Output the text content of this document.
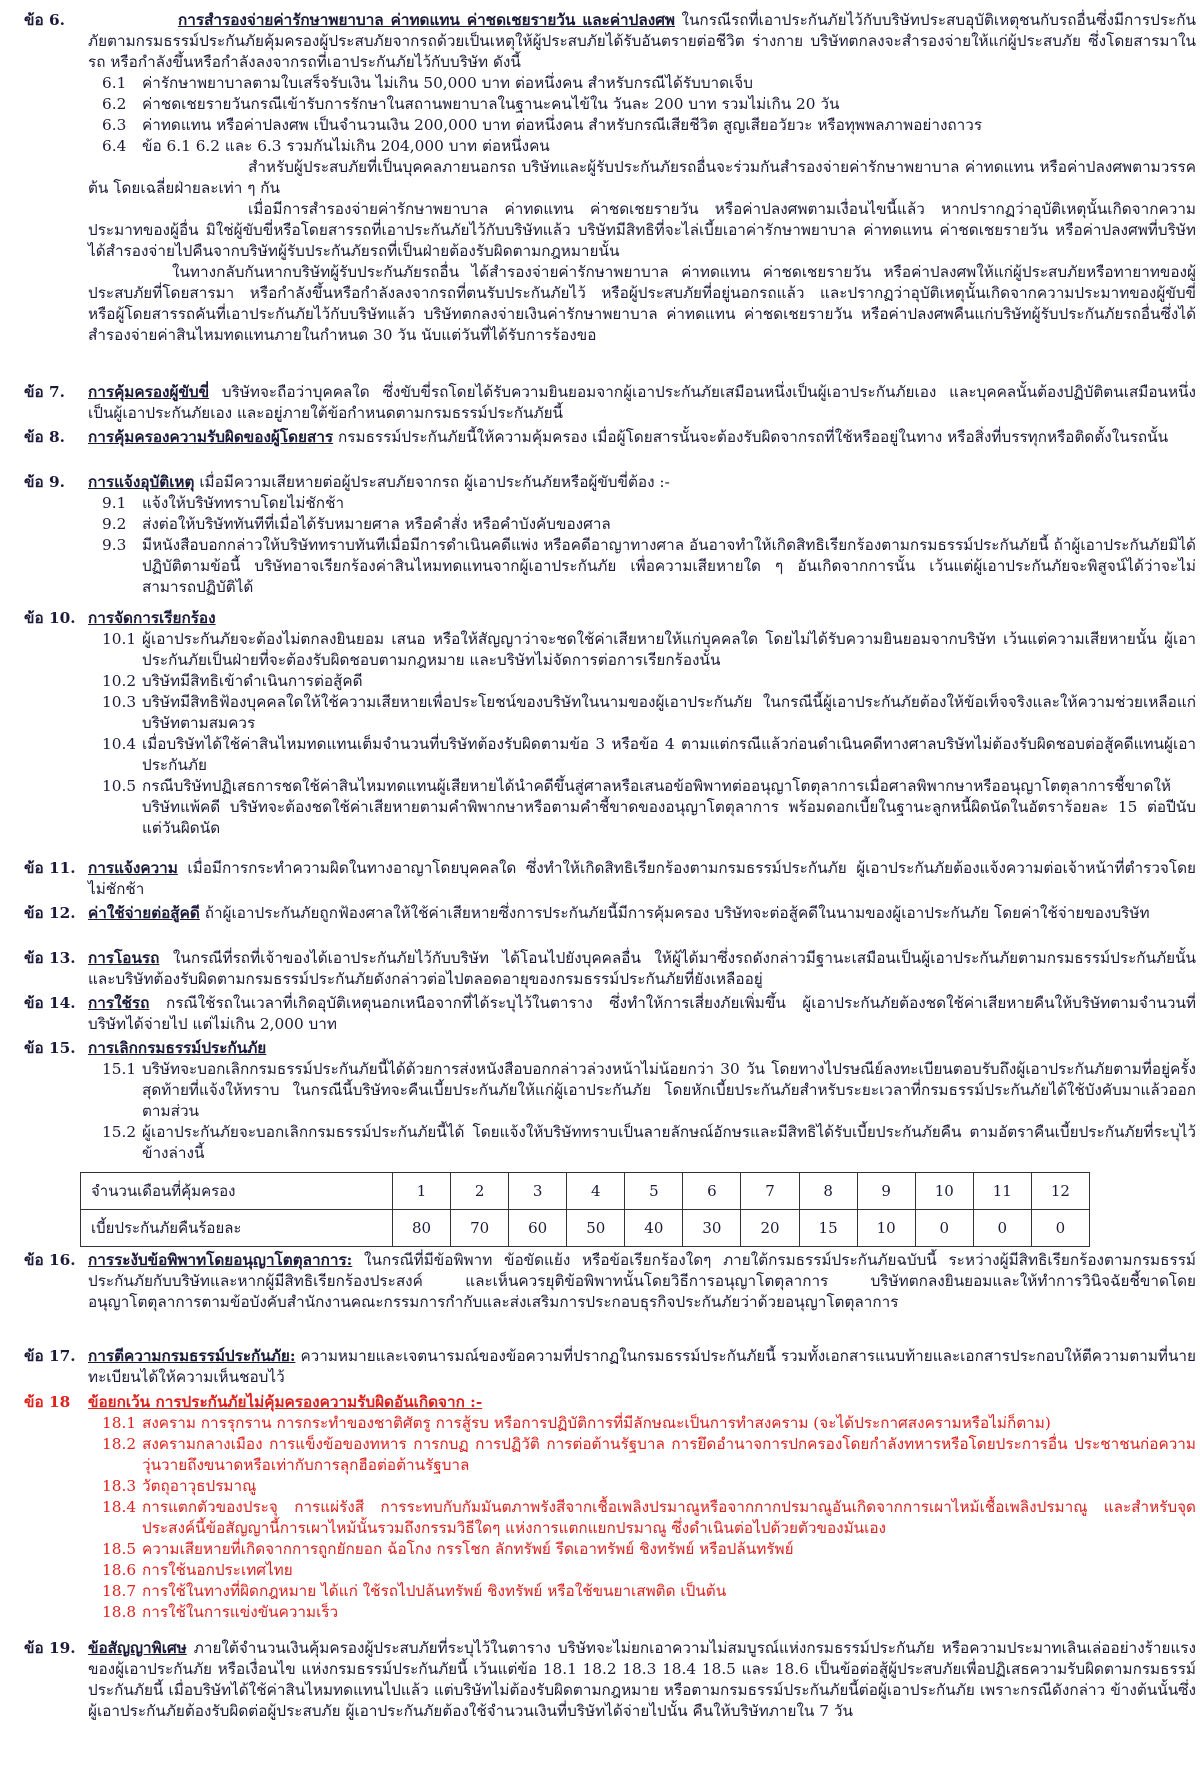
ข้อ 6.	การสำรองจ่ายค่ารักษาพยาบาล ค่าทดแทน ค่าชดเชยรายวัน และค่าปลงศพ ในกรณีรถที่เอาประกันภัยไว้กับบริษัทประสบอุบัติเหตุชนกับรถอื่นซึ่งมีการประกันภัยตามกรมธรรม์ประกันภัยคุ้มครองผู้ประสบภัยจากรถด้วยเป็นเหตุให้ผู้ประสบภัยได้รับอันตรายต่อชีวิต ร่างกาย บริษัทตกลงจะสำรองจ่ายให้แก่ผู้ประสบภัย ซึ่งโดยสารมาในรถ หรือกำลังขึ้นหรือกำลังลงจากรถที่เอาประกันภัยไว้กับบริษัท ดังนี้
6.1	ค่ารักษาพยาบาลตามใบเสร็จรับเงิน ไม่เกิน 50,000 บาท ต่อหนึ่งคน สำหรับกรณีได้รับบาดเจ็บ
6.2	ค่าชดเชยรายวันกรณีเข้ารับการรักษาในสถานพยาบาลในฐานะคนไข้ใน วันละ 200 บาท รวมไม่เกิน 20 วัน
6.3	ค่าทดแทน หรือค่าปลงศพ เป็นจำนวนเงิน 200,000 บาท ต่อหนึ่งคน สำหรับกรณีเสียชีวิต สูญเสียอวัยวะ หรือทุพพลภาพอย่างถาวร
6.4	ข้อ 6.1 6.2 และ 6.3 รวมกันไม่เกิน 204,000 บาท ต่อหนึ่งคน
สำหรับผู้ประสบภัยที่เป็นบุคคลภายนอกรถ บริษัทและผู้รับประกันภัยรถอื่นจะร่วมกันสำรองจ่ายค่ารักษาพยาบาล ค่าทดแทน หรือค่าปลงศพตามวรรคต้น โดยเฉลี่ยฝ่ายละเท่า ๆ กัน
เมื่อมีการสำรองจ่ายค่ารักษาพยาบาล ค่าทดแทน ค่าชดเชยรายวัน หรือค่าปลงศพตามเงื่อนไขนี้แล้ว หากปรากฏว่าอุบัติเหตุนั้นเกิดจากความประมาทของผู้อื่น มิใช่ผู้ขับขี่หรือโดยสารรถที่เอาประกันภัยไว้กับบริษัทแล้ว บริษัทมีสิทธิที่จะไล่เบี้ยเอาค่ารักษาพยาบาล ค่าทดแทน ค่าชดเชยรายวัน หรือค่าปลงศพที่บริษัทได้สำรองจ่ายไปคืนจากบริษัทผู้รับประกันภัยรถที่เป็นฝ่ายต้องรับผิดตามกฎหมายนั้น
ในทางกลับกันหากบริษัทผู้รับประกันภัยรถอื่น ได้สำรองจ่ายค่ารักษาพยาบาล ค่าทดแทน ค่าชดเชยรายวัน หรือค่าปลงศพให้แก่ผู้ประสบภัยหรือทายาทของผู้ประสบภัยที่โดยสารมา หรือกำลังขึ้นหรือกำลังลงจากรถที่ตนรับประกันภัยไว้ หรือผู้ประสบภัยที่อยู่นอกรถแล้ว และปรากฏว่าอุบัติเหตุนั้นเกิดจากความประมาทของผู้ขับขี่ หรือผู้โดยสารรถคันที่เอาประกันภัยไว้กับบริษัทแล้ว บริษัทตกลงจ่ายเงินค่ารักษาพยาบาล ค่าทดแทน ค่าชดเชยรายวัน หรือค่าปลงศพคืนแก่บริษัทผู้รับประกันภัยรถอื่นซึ่งได้สำรองจ่ายค่าสินไหมทดแทนภายในกำหนด 30 วัน นับแต่วันที่ได้รับการร้องขอ
ข้อ 7.	การคุ้มครองผู้ขับขี่ บริษัทจะถือว่าบุคคลใด ซึ่งขับขี่รถโดยได้รับความยินยอมจากผู้เอาประกันภัยเสมือนหนึ่งเป็นผู้เอาประกันภัยเอง และบุคคลนั้นต้องปฏิบัติตนเสมือนหนึ่งเป็นผู้เอาประกันภัยเอง และอยู่ภายใต้ข้อกำหนดตามกรมธรรม์ประกันภัยนี้
ข้อ 8.	การคุ้มครองความรับผิดของผู้โดยสาร กรมธรรม์ประกันภัยนี้ให้ความคุ้มครอง เมื่อผู้โดยสารนั้นจะต้องรับผิดจากรถที่ใช้หรืออยู่ในทาง หรือสิ่งที่บรรทุกหรือติดตั้งในรถนั้น
ข้อ 9.	การแจ้งอุบัติเหตุ เมื่อมีความเสียหายต่อผู้ประสบภัยจากรถ ผู้เอาประกันภัยหรือผู้ขับขี่ต้อง :-
9.1	แจ้งให้บริษัททราบโดยไม่ชักช้า
9.2	ส่งต่อให้บริษัททันทีที่เมื่อได้รับหมายศาล หรือคำสั่ง หรือคำบังคับของศาล
9.3	มีหนังสือบอกกล่าวให้บริษัททราบทันทีเมื่อมีการดำเนินคดีแพ่ง หรือคดีอาญาทางศาล อันอาจทำให้เกิดสิทธิเรียกร้องตามกรมธรรม์ประกันภัยนี้ ถ้าผู้เอาประกันภัยมิได้ปฏิบัติตามข้อนี้ บริษัทอาจเรียกร้องค่าสินไหมทดแทนจากผู้เอาประกันภัย เพื่อความเสียหายใด ๆ อันเกิดจากการนั้น เว้นแต่ผู้เอาประกันภัยจะพิสูจน์ได้ว่าจะไม่สามารถปฏิบัติได้
ข้อ 10. การจัดการเรียกร้อง
10.1 ผู้เอาประกันภัยจะต้องไม่ตกลงยินยอม เสนอ หรือให้สัญญาว่าจะชดใช้ค่าเสียหายให้แก่บุคคลใด โดยไม่ได้รับความยินยอมจากบริษัท เว้นแต่ความเสียหายนั้น ผู้เอาประกันภัยเป็นฝ่ายที่จะต้องรับผิดชอบตามกฎหมาย และบริษัทไม่จัดการต่อการเรียกร้องนั้น
10.2 บริษัทมีสิทธิเข้าดำเนินการต่อสู้คดี
10.3 บริษัทมีสิทธิฟ้องบุคคลใดให้ใช้ความเสียหายเพื่อประโยชน์ของบริษัทในนามของผู้เอาประกันภัย ในกรณีนี้ผู้เอาประกันภัยต้องให้ข้อเท็จจริงและให้ความช่วยเหลือแก่บริษัทตามสมควร
10.4 เมื่อบริษัทได้ใช้ค่าสินไหมทดแทนเต็มจำนวนที่บริษัทต้องรับผิดตามข้อ 3 หรือข้อ 4 ตามแต่กรณีแล้วก่อนดำเนินคดีทางศาลบริษัทไม่ต้องรับผิดชอบต่อสู้คดีแทนผู้เอาประกันภัย
10.5 กรณีบริษัทปฏิเสธการชดใช้ค่าสินไหมทดแทนผู้เสียหายได้นำคดีขึ้นสู่ศาลหรือเสนอข้อพิพาทต่ออนุญาโตตุลาการเมื่อศาลพิพากษาหรืออนุญาโตตุลาการชี้ขาดให้บริษัทแพ้คดี บริษัทจะต้องชดใช้ค่าเสียหายตามคำพิพากษาหรือตามคำชี้ขาดของอนุญาโตตุลาการ พร้อมดอกเบี้ยในฐานะลูกหนี้ผิดนัดในอัตราร้อยละ 15 ต่อปีนับแต่วันผิดนัด
ข้อ 11. การแจ้งความ เมื่อมีการกระทำความผิดในทางอาญาโดยบุคคลใด ซึ่งทำให้เกิดสิทธิเรียกร้องตามกรมธรรม์ประกันภัย ผู้เอาประกันภัยต้องแจ้งความต่อเจ้าหน้าที่ตำรวจโดยไม่ชักช้า
ข้อ 12. ค่าใช้จ่ายต่อสู้คดี ถ้าผู้เอาประกันภัยถูกฟ้องศาลให้ใช้ค่าเสียหายซึ่งการประกันภัยนี้มีการคุ้มครอง บริษัทจะต่อสู้คดีในนามของผู้เอาประกันภัย โดยค่าใช้จ่ายของบริษัท
ข้อ 13. การโอนรถ ในกรณีที่รถที่เจ้าของได้เอาประกันภัยไว้กับบริษัท ได้โอนไปยังบุคคลอื่น ให้ผู้ได้มาซึ่งรถดังกล่าวมีฐานะเสมือนเป็นผู้เอาประกันภัยตามกรมธรรม์ประกันภัยนั้น และบริษัทต้องรับผิดตามกรมธรรม์ประกันภัยดังกล่าวต่อไปตลอดอายุของกรมธรรม์ประกันภัยที่ยังเหลืออยู่
ข้อ 14. การใช้รถ กรณีใช้รถในเวลาที่เกิดอุบัติเหตุนอกเหนือจากที่ได้ระบุไว้ในตาราง ซึ่งทำให้การเสี่ยงภัยเพิ่มขึ้น ผู้เอาประกันภัยต้องชดใช้ค่าเสียหายคืนให้บริษัทตามจำนวนที่บริษัทได้จ่ายไป แต่ไม่เกิน 2,000 บาท
ข้อ 15. การเลิกกรมธรรม์ประกันภัย
15.1 บริษัทจะบอกเลิกกรมธรรม์ประกันภัยนี้ได้ด้วยการส่งหนังสือบอกกล่าวล่วงหน้าไม่น้อยกว่า 30 วัน โดยทางไปรษณีย์ลงทะเบียนตอบรับถึงผู้เอาประกันภัยตามที่อยู่ครั้งสุดท้ายที่แจ้งให้ทราบ ในกรณีนี้บริษัทจะคืนเบี้ยประกันภัยให้แก่ผู้เอาประกันภัย โดยหักเบี้ยประกันภัยสำหรับระยะเวลาที่กรมธรรม์ประกันภัยได้ใช้บังคับมาแล้วออกตามส่วน
15.2 ผู้เอาประกันภัยจะบอกเลิกกรมธรรม์ประกันภัยนี้ได้ โดยแจ้งให้บริษัททราบเป็นลายลักษณ์อักษรและมีสิทธิได้รับเบี้ยประกันภัยคืน ตามอัตราคืนเบี้ยประกันภัยที่ระบุไว้ข้างล่างนี้
จำนวนเดือนที่คุ้มครอง	1	2	3	4	5	6	7	8	9	10	11	12
เบี้ยประกันภัยคืนร้อยละ	80	70	60	50	40	30	20	15	10	0	0	0
ข้อ 16. การระงับข้อพิพาทโดยอนุญาโตตุลาการ: ในกรณีที่มีข้อพิพาท ข้อขัดแย้ง หรือข้อเรียกร้องใดๆ ภายใต้กรมธรรม์ประกันภัยฉบับนี้ ระหว่างผู้มีสิทธิเรียกร้องตามกรมธรรม์ประกันภัยกับบริษัทและหากผู้มีสิทธิเรียกร้องประสงค์ และเห็นควรยุติข้อพิพาทนั้นโดยวิธีการอนุญาโตตุลาการ บริษัทตกลงยินยอมและให้ทำการวินิจฉัยชี้ขาดโดยอนุญาโตตุลาการตามข้อบังคับสำนักงานคณะกรรมการกำกับและส่งเสริมการประกอบธุรกิจประกันภัยว่าด้วยอนุญาโตตุลาการ
ข้อ 17. การตีความกรมธรรม์ประกันภัย: ความหมายและเจตนารมณ์ของข้อความที่ปรากฏในกรมธรรม์ประกันภัยนี้ รวมทั้งเอกสารแนบท้ายและเอกสารประกอบให้ตีความตามที่นายทะเบียนได้ให้ความเห็นชอบไว้
ข้อ 18	ข้อยกเว้น การประกันภัยไม่คุ้มครองความรับผิดอันเกิดจาก :-
18.1 สงคราม การรุกราน การกระทำของชาติศัตรู การสู้รบ หรือการปฏิบัติการที่มีลักษณะเป็นการทำสงคราม (จะได้ประกาศสงครามหรือไม่ก็ตาม)
18.2 สงครามกลางเมือง การแข็งข้อของทหาร การกบฏ การปฏิวัติ การต่อต้านรัฐบาล การยึดอำนาจการปกครองโดยกำลังทหารหรือโดยประการอื่น ประชาชนก่อความวุ่นวายถึงขนาดหรือเท่ากับการลุกฮือต่อต้านรัฐบาล
18.3 วัตถุอาวุธปรมาณู
18.4 การแตกตัวของประจุ การแผ่รังสี การระทบกับกัมมันตภาพรังสีจากเชื้อเพลิงปรมาณูหรือจากกากปรมาณูอันเกิดจากการเผาไหม้เชื้อเพลิงปรมาณู และสำหรับจุดประสงค์นี้ข้อสัญญานี้การเผาไหม้นั้นรวมถึงกรรมวิธีใดๆ แห่งการแตกแยกปรมาณู ซึ่งดำเนินต่อไปด้วยตัวของมันเอง
18.5 ความเสียหายที่เกิดจากการถูกยักยอก ฉ้อโกง กรรโชก ลักทรัพย์ รีดเอาทรัพย์ ชิงทรัพย์ หรือปล้นทรัพย์
18.6 การใช้นอกประเทศไทย
18.7 การใช้ในทางที่ผิดกฎหมาย ได้แก่ ใช้รถไปปล้นทรัพย์ ชิงทรัพย์ หรือใช้ขนยาเสพติด เป็นต้น
18.8 การใช้ในการแข่งขันความเร็ว
ข้อ 19. ข้อสัญญาพิเศษ ภายใต้จำนวนเงินคุ้มครองผู้ประสบภัยที่ระบุไว้ในตาราง บริษัทจะไม่ยกเอาความไม่สมบูรณ์แห่งกรมธรรม์ประกันภัย หรือความประมาทเลินเล่ออย่างร้ายแรงของผู้เอาประกันภัย หรือเงื่อนไข แห่งกรมธรรม์ประกันภัยนี้ เว้นแต่ข้อ 18.1 18.2 18.3 18.4 18.5 และ 18.6 เป็นข้อต่อสู้ผู้ประสบภัยเพื่อปฏิเสธความรับผิดตามกรมธรรม์ประกันภัยนี้ เมื่อบริษัทได้ใช้ค่าสินไหมทดแทนไปแล้ว แต่บริษัทไม่ต้องรับผิดตามกฎหมาย หรือตามกรมธรรม์ประกันภัยนี้ต่อผู้เอาประกันภัย เพราะกรณีดังกล่าว ข้างต้นนั้นซึ่งผู้เอาประกันภัยต้องรับผิดต่อผู้ประสบภัย ผู้เอาประกันภัยต้องใช้จำนวนเงินที่บริษัทได้จ่ายไปนั้น คืนให้บริษัทภายใน 7 วัน
